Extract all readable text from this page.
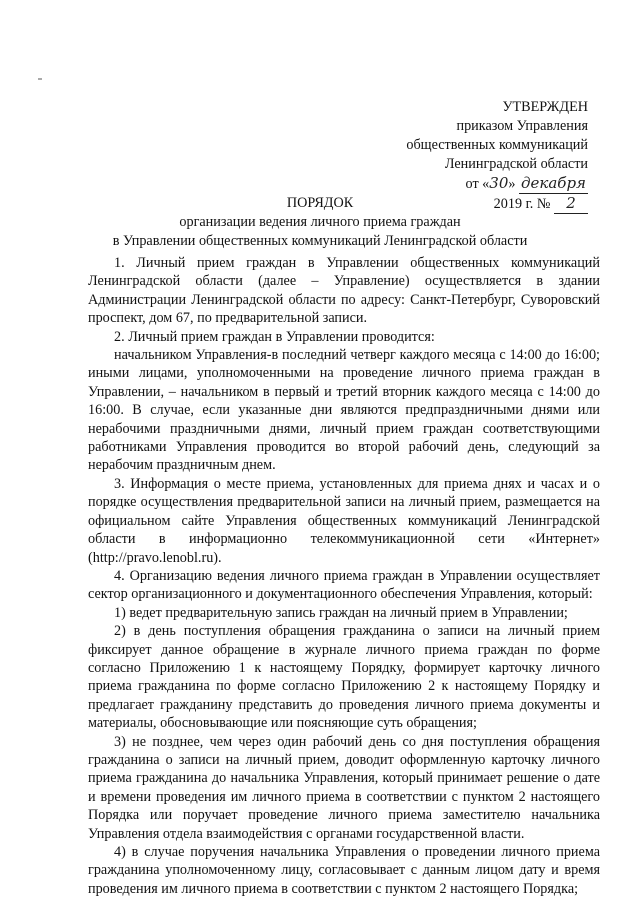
УТВЕРЖДЕН
приказом Управления
общественных коммуникаций
Ленинградской области
от «30» декабря
2019 г. № 2
ПОРЯДОК
организации ведения личного приема граждан
в Управлении общественных коммуникаций Ленинградской области

1. Личный прием граждан в Управлении общественных коммуникаций Ленинградской области (далее – Управление) осуществляется в здании Администрации Ленинградской области по адресу: Санкт-Петербург, Суворовский проспект, дом 67, по предварительной записи.

2. Личный прием граждан в Управлении проводится:

начальником Управления-в последний четверг каждого месяца с 14:00 до 16:00; иными лицами, уполномоченными на проведение личного приема граждан в Управлении, – начальником в первый и третий вторник каждого месяца с 14:00 до 16:00. В случае, если указанные дни являются предпраздничными днями или нерабочими праздничными днями, личный прием граждан соответствующими работниками Управления проводится во второй рабочий день, следующий за нерабочим праздничным днем.

3. Информация о месте приема, установленных для приема днях и часах и о порядке осуществления предварительной записи на личный прием, размещается на официальном сайте Управления общественных коммуникаций Ленинградской области в информационно телекоммуникационной сети «Интернет» (http://pravo.lenobl.ru).

4. Организацию ведения личного приема граждан в Управлении осуществляет сектор организационного и документационного обеспечения Управления, который:

1) ведет предварительную запись граждан на личный прием в Управлении;

2) в день поступления обращения гражданина о записи на личный прием фиксирует данное обращение в журнале личного приема граждан по форме согласно Приложению 1 к настоящему Порядку, формирует карточку личного приема гражданина по форме согласно Приложению 2 к настоящему Порядку и предлагает гражданину представить до проведения личного приема документы и материалы, обосновывающие или поясняющие суть обращения;

3) не позднее, чем через один рабочий день со дня поступления обращения гражданина о записи на личный прием, доводит оформленную карточку личного приема гражданина до начальника Управления, который принимает решение о дате и времени проведения им личного приема в соответствии с пунктом 2 настоящего Порядка или поручает проведение личного приема заместителю начальника Управления отдела взаимодействия с органами государственной власти.

4) в случае поручения начальника Управления о проведении личного приема гражданина уполномоченному лицу, согласовывает с данным лицом дату и время проведения им личного приема в соответствии с пунктом 2 настоящего Порядка;
